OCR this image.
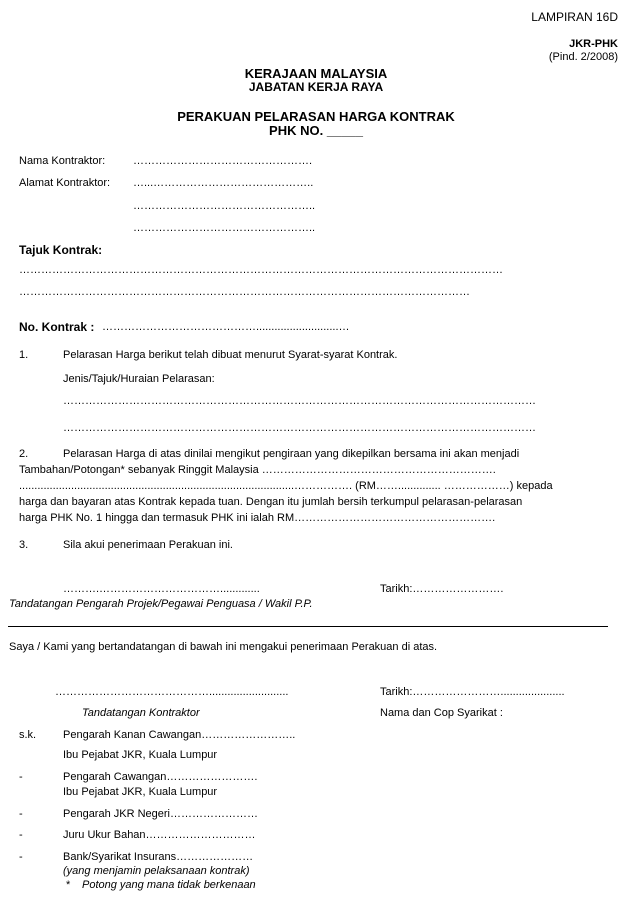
LAMPIRAN 16D
JKR-PHK
(Pind. 2/2008)
KERAJAAN MALAYSIA
JABATAN KERJA RAYA
PERAKUAN PELARASAN HARGA KONTRAK
PHK NO. _____
Nama Kontraktor:	………………………………………….
Alamat Kontraktor: …...……………………………………..
…………………………………………..
…………………………………………..
Tajuk Kontrak:
……………………………………………………………………………………………………………………
……………………………………………………………………………………………………………
No. Kontrak : ……………………………………...........................…
1.	Pelarasan Harga berikut telah dibuat menurut Syarat-syarat Kontrak.
Jenis/Tajuk/Huraian Pelarasan:
…………………………………………………………………………………………………………………
…………………………………………………………………………………………………………………
2.	Pelarasan Harga di atas dinilai mengikut pengiraan yang dikepilkan bersama ini akan menjadi
Tambahan/Potongan* sebanyak Ringgit Malaysia ……………………………………………………….
..........................................................................................……………. (RM…….............. ………………) kepada
harga dan bayaran atas Kontrak kepada tuan. Dengan itu jumlah bersih terkumpul pelarasan-pelarasan
harga PHK No. 1 hingga dan termasuk PHK ini ialah RM……………………………………………….
3.	Sila akui penerimaan Perakuan ini.
……….…………………………….............	Tarikh:…………………….
Tandatangan Pengarah Projek/Pegawai Penguasa / Wakil P.P.
Saya / Kami yang bertandatangan di bawah ini mengakui penerimaan Perakuan di atas.
……………………………………..........................	Tarikh:…………………….....................
Tandatangan Kontraktor	Nama dan Cop Syarikat :
s.k. Pengarah Kanan Cawangan……………………..
Ibu Pejabat JKR, Kuala Lumpur
-	Pengarah Cawangan…………………….
Ibu Pejabat JKR, Kuala Lumpur
-	Pengarah JKR Negeri……………………
-	Juru Ukur Bahan…………………………
-	Bank/Syarikat Insurans…………………
(yang menjamin pelaksanaan kontrak)
* Potong yang mana tidak berkenaan
